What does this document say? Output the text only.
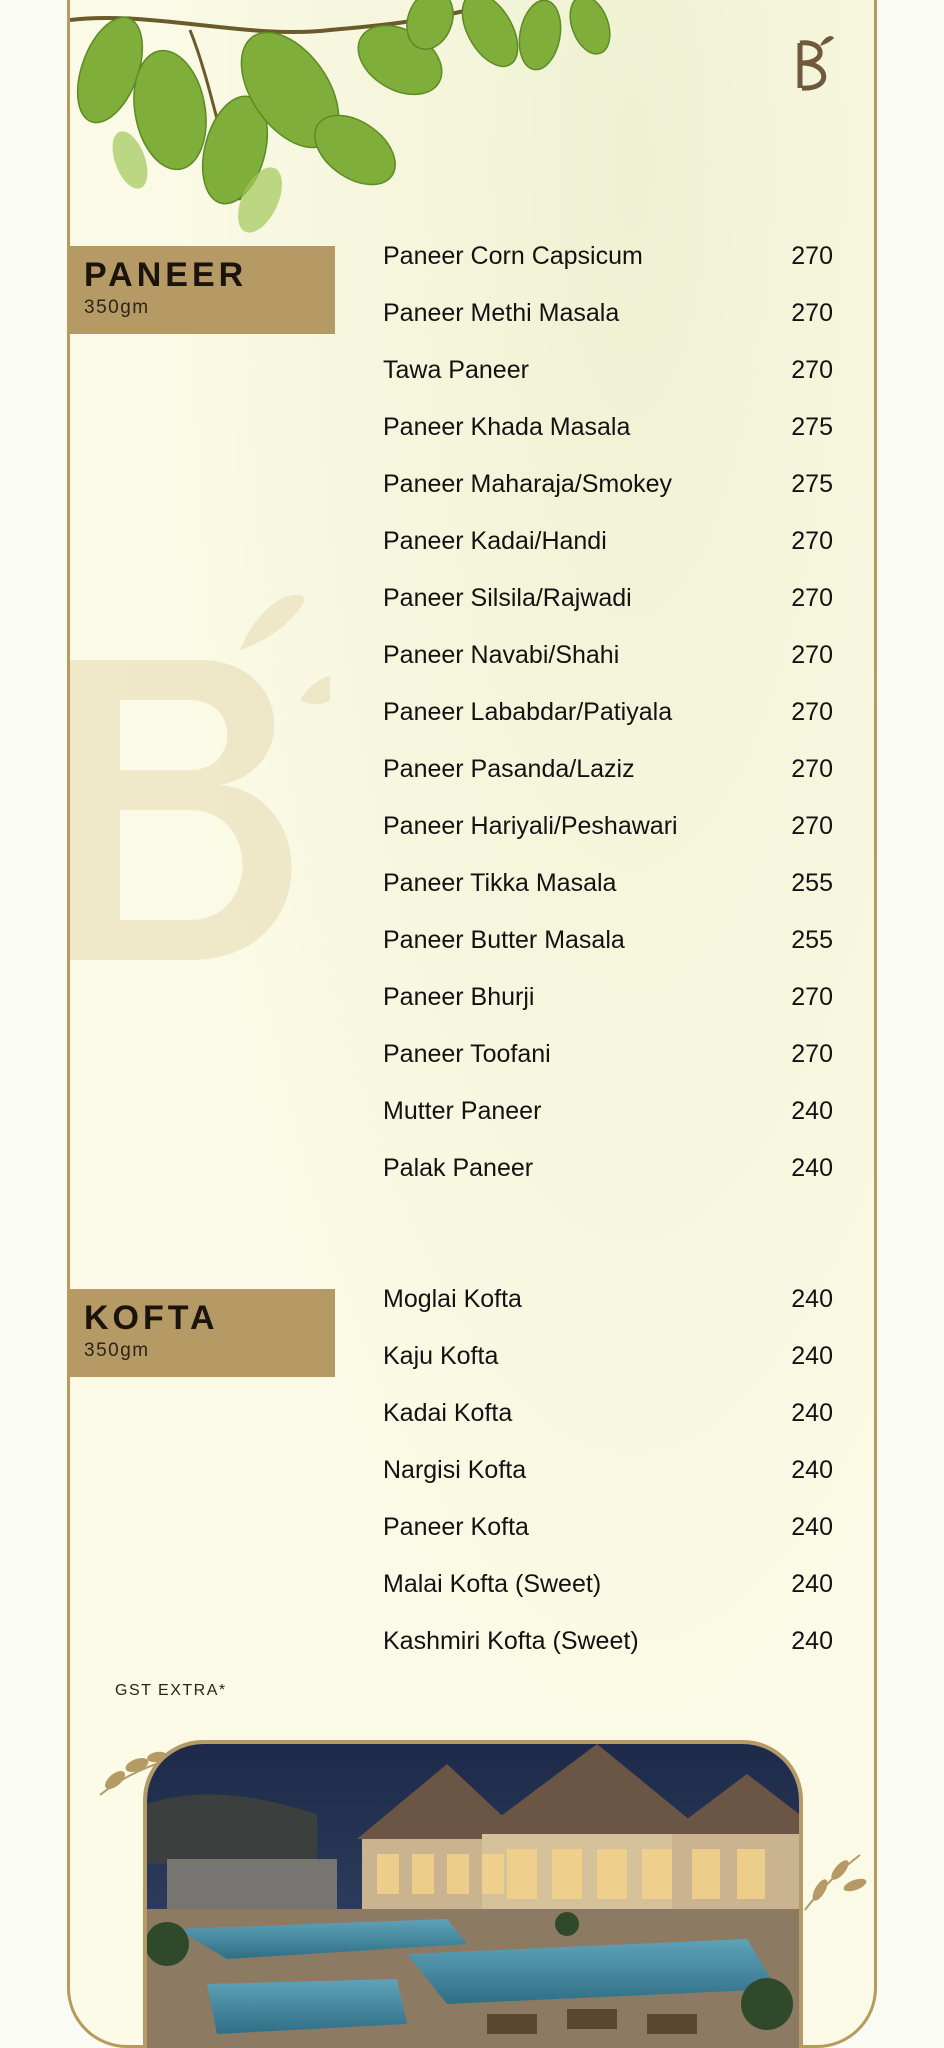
PANEER
350gm
Paneer Corn Capsicum	270
Paneer Methi Masala	270
Tawa Paneer	270
Paneer Khada Masala	275
Paneer Maharaja/Smokey	275
Paneer Kadai/Handi	270
Paneer Silsila/Rajwadi	270
Paneer Navabi/Shahi	270
Paneer Lababdar/Patiyala	270
Paneer Pasanda/Laziz	270
Paneer Hariyali/Peshawari	270
Paneer Tikka Masala	255
Paneer Butter Masala	255
Paneer Bhurji	270
Paneer Toofani	270
Mutter Paneer	240
Palak Paneer	240
KOFTA
350gm
Moglai Kofta	240
Kaju Kofta	240
Kadai Kofta	240
Nargisi Kofta	240
Paneer Kofta	240
Malai Kofta (Sweet)	240
Kashmiri Kofta (Sweet)	240
GST EXTRA*
